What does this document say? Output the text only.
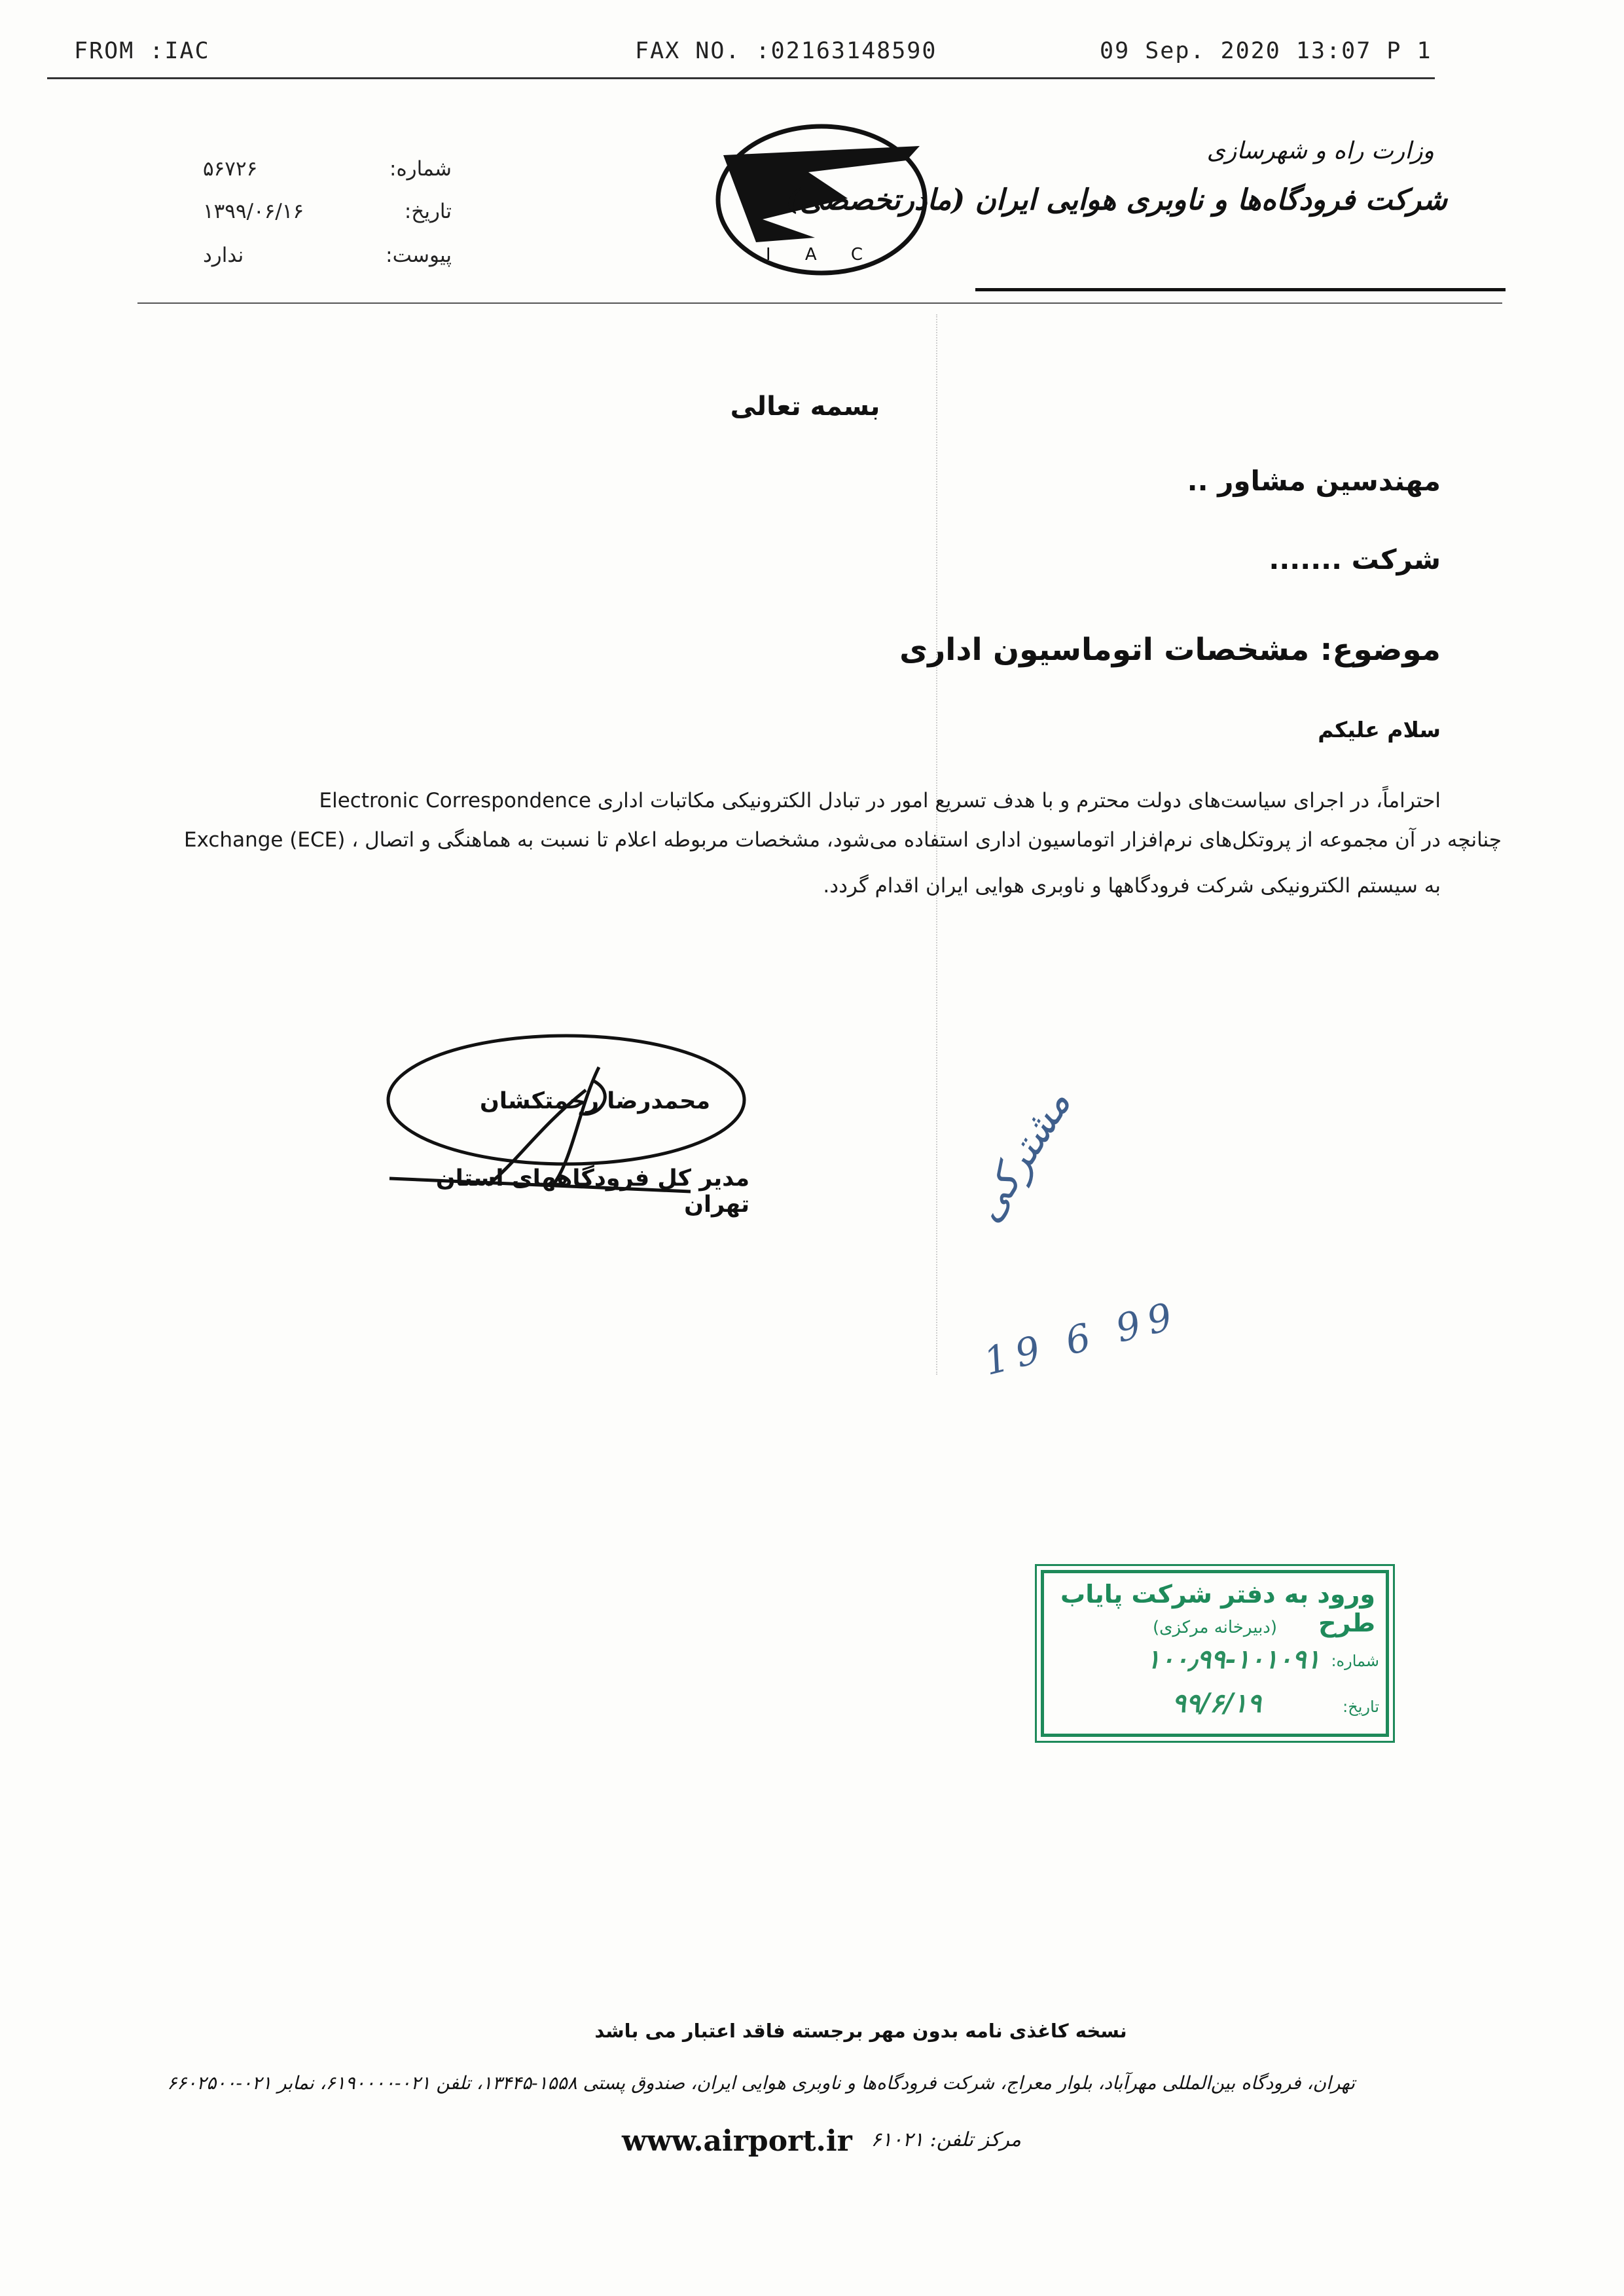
FROM :IAC	FAX NO. :02163148590	09 Sep. 2020 13:07 P 1
شماره:
۵۶۷۲۶
تاریخ:
۱۳۹۹/۰۶/۱۶
پیوست:
ندارد	I A C
وزارت راه و شهرسازی
شرکت فرودگاه‌ها و ناوبری هوایی ایران (مادرتخصصی)
بسمه تعالی
مهندسین مشاور ..
شرکت .......
موضوع: مشخصات اتوماسیون اداری
سلام علیکم
احتراماً، در اجرای سیاست‌های دولت محترم و با هدف تسریع امور در تبادل الکترونیکی مکاتبات اداری Electronic Correspondence
Exchange (ECE) ، چنانچه در آن مجموعه از پروتکل‌های نرم‌افزار اتوماسیون اداری استفاده می‌شود، مشخصات مربوطه اعلام تا نسبت به هماهنگی و اتصال
به سیستم الکترونیکی شرکت فرودگاهها و ناوبری هوایی ایران اقدام گردد.
محمدرضا رحمتکشان
مدیر کل فرودگاههای استان تهران	مشترکی
19 6 99
ورود به دفتر شرکت پایاب طرح
(دبیرخانه مرکزی)
شماره:
۱۰۰٫۹۹-۱۰۱۰۹۱
تاریخ:
۹۹/۶/۱۹
نسخه کاغذی نامه بدون مهر برجسته فاقد اعتبار می باشد
تهران، فرودگاه بین‌المللی مهرآباد، بلوار معراج، شرکت فرودگاه‌ها و ناوبری هوایی ایران، صندوق پستی ۱۵۵۸-۱۳۴۴۵، تلفن ۰۲۱-۶۱۹۰۰۰۰، نمابر ۰۲۱-۶۶۰۲۵۰۰
www.airport.ir مرکز تلفن: ۶۱۰۲۱
